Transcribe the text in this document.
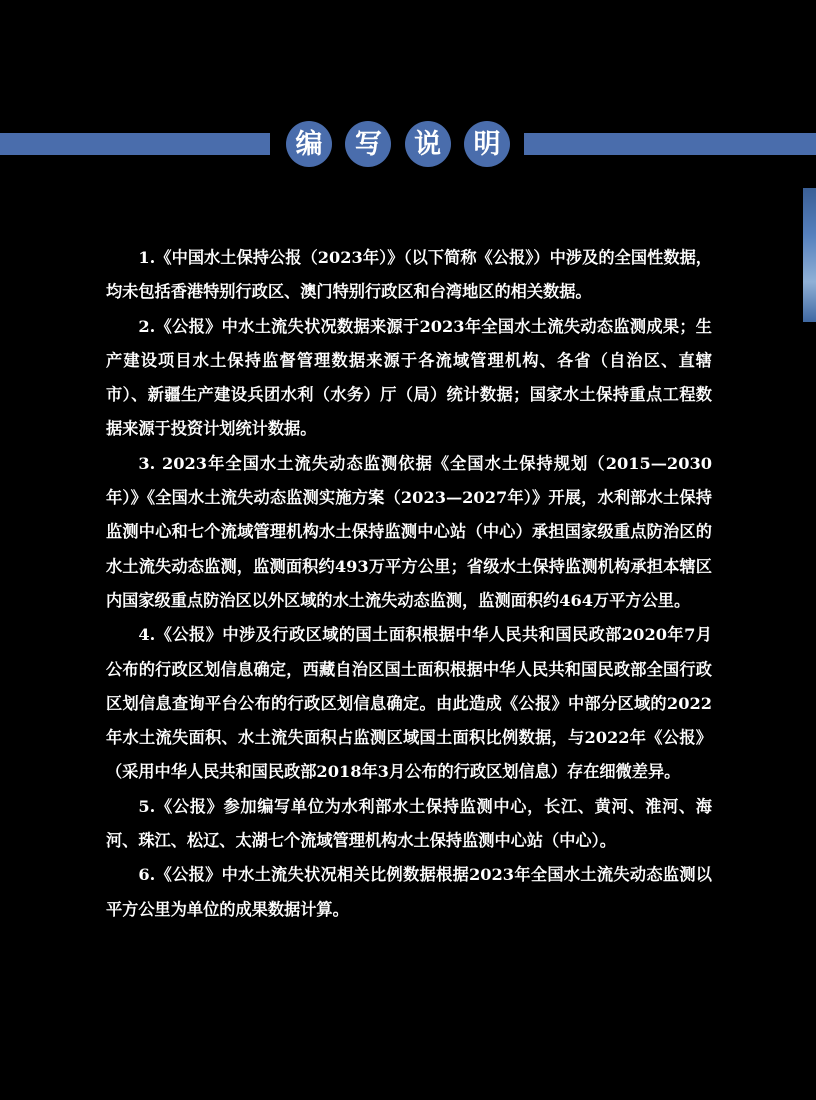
编	写	说	明

1.《中国水土保持公报（2023年）》（以下简称《公报》）中涉及的全国性数据，均未包括香港特别行政区、澳门特别行政区和台湾地区的相关数据。

2.《公报》中水土流失状况数据来源于2023年全国水土流失动态监测成果；生产建设项目水土保持监督管理数据来源于各流域管理机构、各省（自治区、直辖市）、新疆生产建设兵团水利（水务）厅（局）统计数据；国家水土保持重点工程数据来源于投资计划统计数据。

3. 2023年全国水土流失动态监测依据《全国水土保持规划（2015—2030年）》《全国水土流失动态监测实施方案（2023—2027年）》开展，水利部水土保持监测中心和七个流域管理机构水土保持监测中心站（中心）承担国家级重点防治区的水土流失动态监测，监测面积约493万平方公里；省级水土保持监测机构承担本辖区内国家级重点防治区以外区域的水土流失动态监测，监测面积约464万平方公里。

4.《公报》中涉及行政区域的国土面积根据中华人民共和国民政部2020年7月公布的行政区划信息确定，西藏自治区国土面积根据中华人民共和国民政部全国行政区划信息查询平台公布的行政区划信息确定。由此造成《公报》中部分区域的2022年水土流失面积、水土流失面积占监测区域国土面积比例数据，与2022年《公报》（采用中华人民共和国民政部2018年3月公布的行政区划信息）存在细微差异。

5.《公报》参加编写单位为水利部水土保持监测中心，长江、黄河、淮河、海河、珠江、松辽、太湖七个流域管理机构水土保持监测中心站（中心）。

6.《公报》中水土流失状况相关比例数据根据2023年全国水土流失动态监测以平方公里为单位的成果数据计算。
